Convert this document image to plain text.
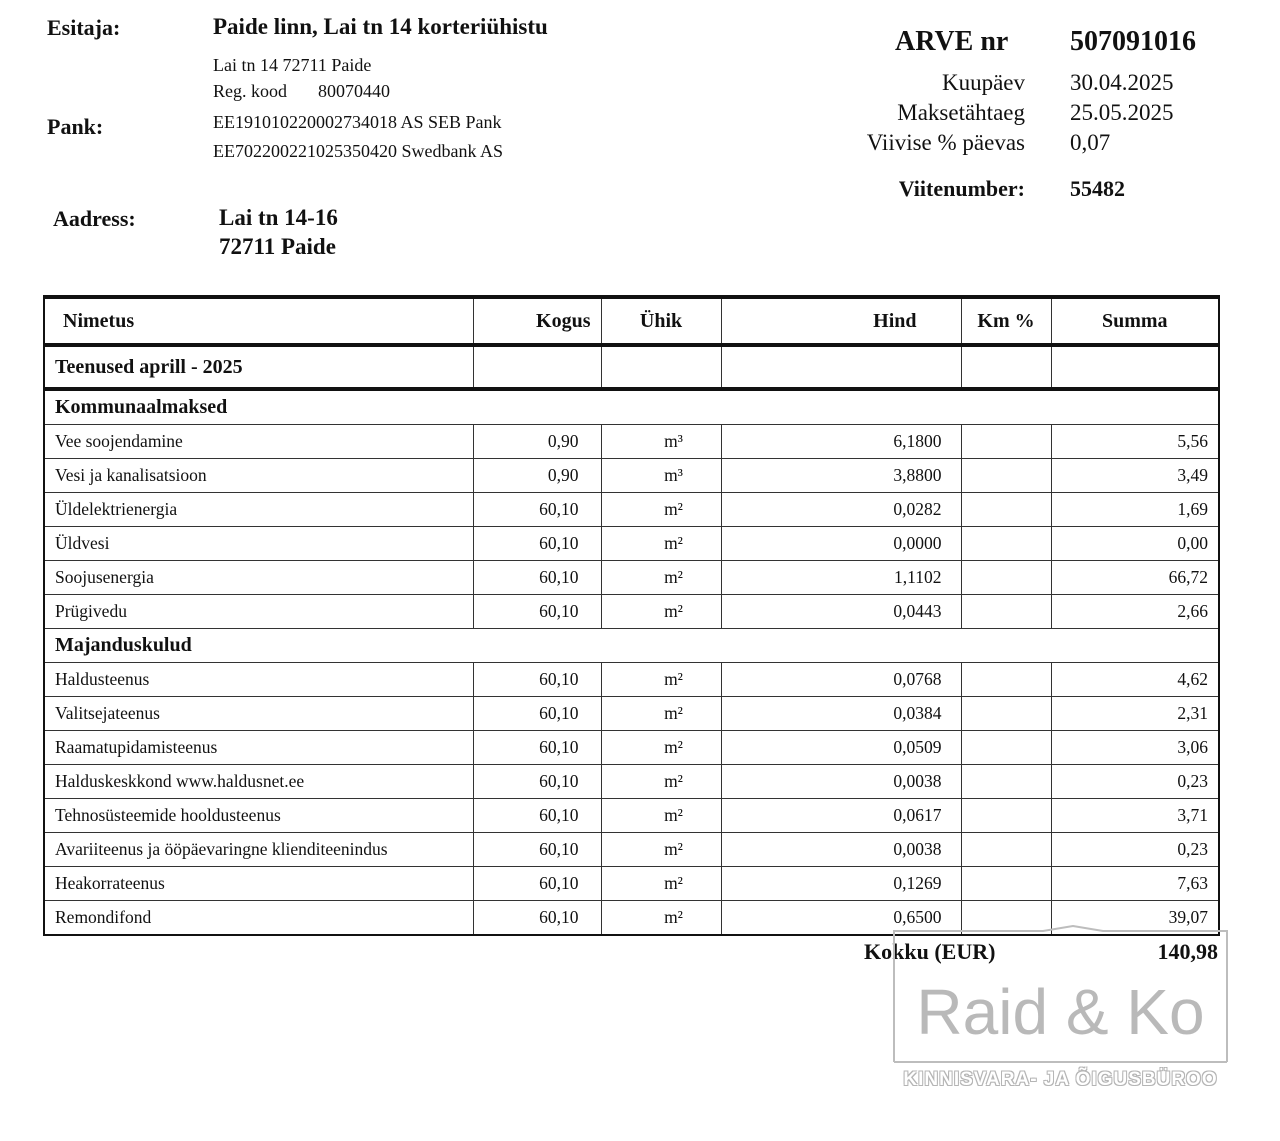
Esitaja:	Paide linn, Lai tn 14 korteriühistu
Lai tn 14 72711 Paide
Reg. kood 80070440
Pank:	EE191010220002734018 AS SEB Pank
EE702200221025350420 Swedbank AS
Aadress:	Lai tn 14-16
72711 Paide
ARVE nr 507091016
Kuupäev 30.04.2025
Maksetähtaeg 25.05.2025
Viivise % päevas 0,07
Viitenumber: 55482
Nimetus	Kogus	Ühik	Hind	Km %	Summa
Teenused aprill - 2025					
Kommunaalmaksed					
Vee soojendamine	0,90	m³	6,1800		5,56
Vesi ja kanalisatsioon	0,90	m³	3,8800		3,49
Üldelektrienergia	60,10	m²	0,0282		1,69
Üldvesi	60,10	m²	0,0000		0,00
Soojusenergia	60,10	m²	1,1102		66,72
Prügivedu	60,10	m²	0,0443		2,66
Majanduskulud					
Haldusteenus	60,10	m²	0,0768		4,62
Valitsejateenus	60,10	m²	0,0384		2,31
Raamatupidamisteenus	60,10	m²	0,0509		3,06
Halduskeskkond www.haldusnet.ee	60,10	m²	0,0038		0,23
Tehnosüsteemide hooldusteenus	60,10	m²	0,0617		3,71
Avariiteenus ja ööpäevaringne klienditeenindus	60,10	m²	0,0038		0,23
Heakorrateenus	60,10	m²	0,1269		7,63
Remondifond	60,10	m²	0,6500		39,07
Kokku (EUR)	140,98
Raid & Ko
KINNISVARA- JA ÕIGUSBÜROO
